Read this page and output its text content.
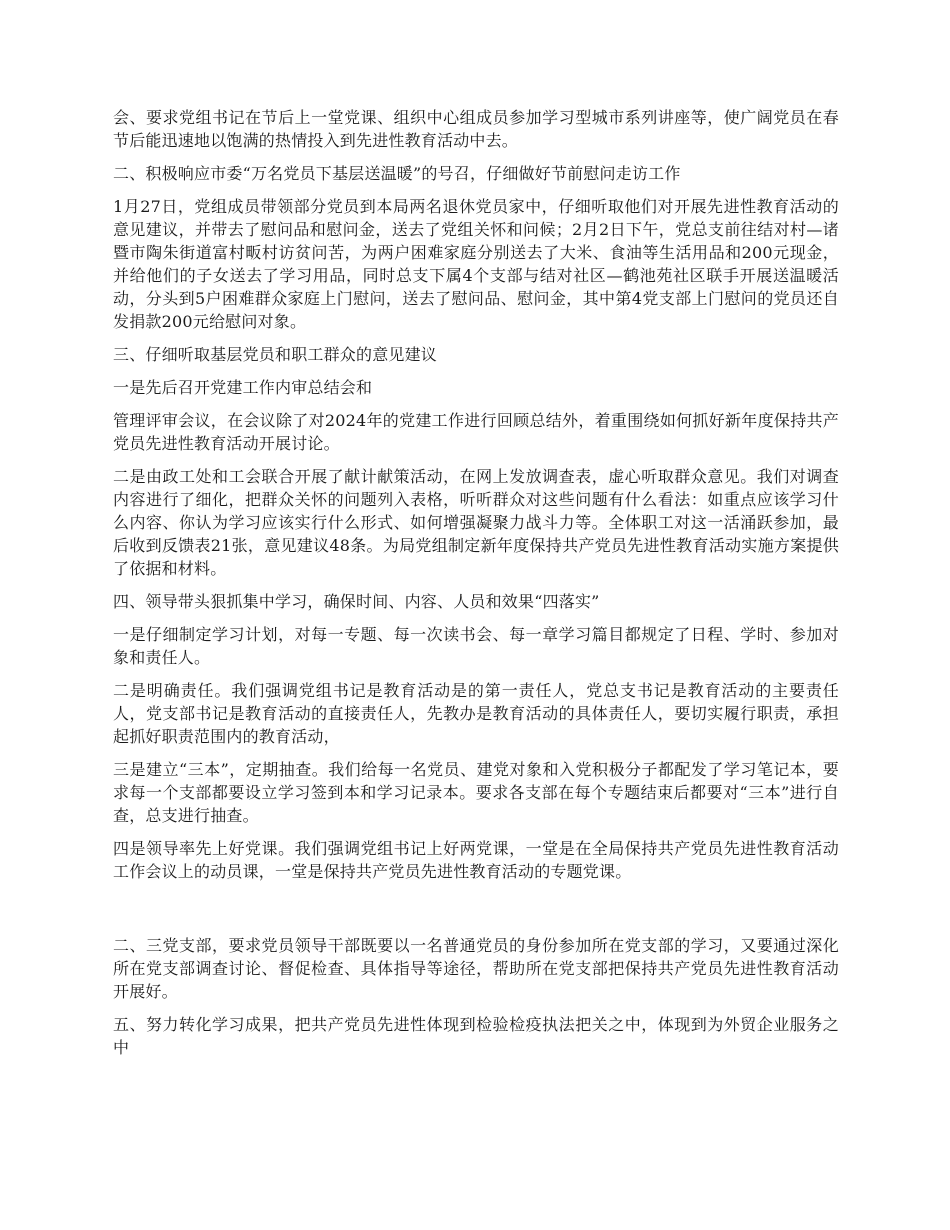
会、要求党组书记在节后上一堂党课、组织中心组成员参加学习型城市系列讲座等，使广阔党员在春节后能迅速地以饱满的热情投入到先进性教育活动中去。

二、积极响应市委“万名党员下基层送温暖”的号召，仔细做好节前慰问走访工作

1月27日，党组成员带领部分党员到本局两名退休党员家中，仔细听取他们对开展先进性教育活动的意见建议，并带去了慰问品和慰问金，送去了党组关怀和问候；2月2日下午，党总支前往结对村—诸暨市陶朱街道富村畈村访贫问苦，为两户困难家庭分别送去了大米、食油等生活用品和200元现金，并给他们的子女送去了学习用品，同时总支下属4个支部与结对社区—鹤池苑社区联手开展送温暖活动，分头到5户困难群众家庭上门慰问，送去了慰问品、慰问金，其中第4党支部上门慰问的党员还自发捐款200元给慰问对象。

三、仔细听取基层党员和职工群众的意见建议

一是先后召开党建工作内审总结会和

管理评审会议，在会议除了对2024年的党建工作进行回顾总结外，着重围绕如何抓好新年度保持共产党员先进性教育活动开展讨论。

二是由政工处和工会联合开展了献计献策活动，在网上发放调查表，虚心听取群众意见。我们对调查内容进行了细化，把群众关怀的问题列入表格，听听群众对这些问题有什么看法：如重点应该学习什么内容、你认为学习应该实行什么形式、如何增强凝聚力战斗力等。全体职工对这一活涌跃参加，最后收到反馈表21张，意见建议48条。为局党组制定新年度保持共产党员先进性教育活动实施方案提供了依据和材料。

四、领导带头狠抓集中学习，确保时间、内容、人员和效果“四落实”

一是仔细制定学习计划，对每一专题、每一次读书会、每一章学习篇目都规定了日程、学时、参加对象和责任人。

二是明确责任。我们强调党组书记是教育活动是的第一责任人，党总支书记是教育活动的主要责任人，党支部书记是教育活动的直接责任人，先教办是教育活动的具体责任人，要切实履行职责，承担起抓好职责范围内的教育活动，

三是建立“三本”，定期抽查。我们给每一名党员、建党对象和入党积极分子都配发了学习笔记本，要求每一个支部都要设立学习签到本和学习记录本。要求各支部在每个专题结束后都要对“三本”进行自查，总支进行抽查。

四是领导率先上好党课。我们强调党组书记上好两党课，一堂是在全局保持共产党员先进性教育活动工作会议上的动员课，一堂是保持共产党员先进性教育活动的专题党课。

二、三党支部，要求党员领导干部既要以一名普通党员的身份参加所在党支部的学习，又要通过深化所在党支部调查讨论、督促检查、具体指导等途径，帮助所在党支部把保持共产党员先进性教育活动开展好。

五、努力转化学习成果，把共产党员先进性体现到检验检疫执法把关之中，体现到为外贸企业服务之中
